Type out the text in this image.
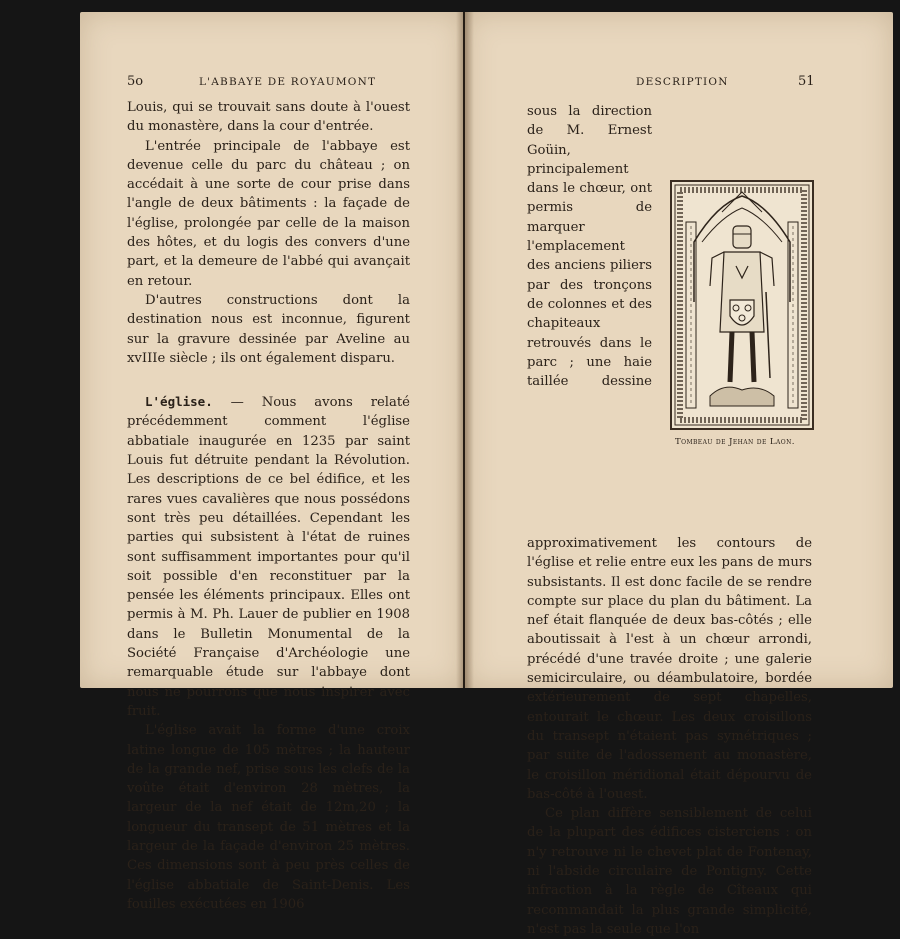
5o	L'ABBAYE DE ROYAUMONT

Louis, qui se trouvait sans doute à l'ouest du monastère, dans la cour d'entrée.

L'entrée principale de l'abbaye est devenue celle du parc du château ; on accédait à une sorte de cour prise dans l'angle de deux bâtiments : la façade de l'église, prolongée par celle de la maison des hôtes, et du logis des convers d'une part, et la demeure de l'abbé qui avançait en retour.

D'autres constructions dont la destination nous est inconnue, figurent sur la gravure dessinée par Aveline au xvIIIe siècle ; ils ont également disparu.

L'église. — Nous avons relaté précédemment comment l'église abbatiale inaugurée en 1235 par saint Louis fut détruite pendant la Révolution. Les descriptions de ce bel édifice, et les rares vues cavalières que nous possédons sont très peu détaillées. Cependant les parties qui subsistent à l'état de ruines sont suffisamment importantes pour qu'il soit possible d'en reconstituer par la pensée les éléments principaux. Elles ont permis à M. Ph. Lauer de publier en 1908 dans le Bulletin Monumental de la Société Française d'Archéologie une remarquable étude sur l'abbaye dont nous ne pourrons que nous inspirer avec fruit.

L'église avait la forme d'une croix latine longue de 105 mètres ; la hauteur de la grande nef, prise sous les clefs de la voûte était d'environ 28 mètres, la largeur de la nef était de 12m,20 ; la longueur du transept de 51 mètres et la largeur de la façade d'environ 25 mètres. Ces dimensions sont à peu près celles de l'église abbatiale de Saint-Denis. Les fouilles exécutées en 1906

DESCRIPTION	51

sous la direction de M. Ernest Goüin, principalement dans le chœur, ont permis de marquer l'emplacement des anciens piliers par des tronçons de colonnes et des chapiteaux retrouvés dans le parc ; une haie taillée dessine approximativement les contours de l'église et relie entre eux les pans de murs subsistants. Il est donc facile de se rendre compte sur place du plan du bâtiment. La nef était flanquée de deux bas-côtés ; elle aboutissait à l'est à un chœur arrondi, précédé d'une travée droite ; une galerie semicirculaire, ou déambulatoire, bordée extérieurement de sept chapelles, entourait le chœur. Les deux croisillons du transept n'étaient pas symétriques ; par suite de l'adossement au monastère, le croisillon méridional était dépourvu de bas-côté à l'ouest.

Ce plan diffère sensiblement de celui de la plupart des édifices cisterciens : on n'y retrouve ni le chevet plat de Fontenay, ni l'abside circulaire de Pontigny. Cette infraction à la règle de Cîteaux qui recommandait la plus grande simplicité, n'est pas la seule que l'on

Tombeau de Jehan de Laon.
